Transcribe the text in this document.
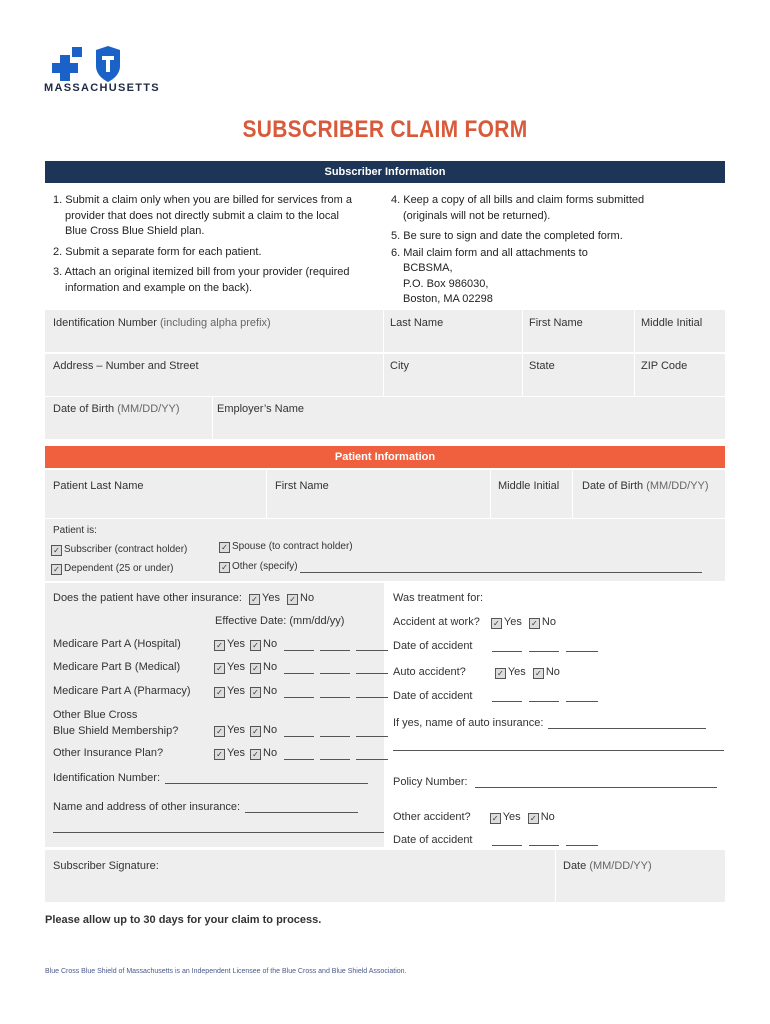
MASSACHUSETTS
SUBSCRIBER CLAIM FORM
Subscriber Information

1. Submit a claim only when you are billed for services from a provider that does not directly submit a claim to the local Blue Cross Blue Shield plan.

2. Submit a separate form for each patient.

3. Attach an original itemized bill from your provider (required information and example on the back).

4. Keep a copy of all bills and claim forms submitted (originals will not be returned).

5. Be sure to sign and date the completed form.

6. Mail claim form and all attachments to

BCBSMA,
P.O. Box 986030,
Boston, MA 02298
Identification Number (including alpha prefix)	Last Name	First Name	Middle Initial
Address – Number and Street	City	State	ZIP Code
Date of Birth (MM/DD/YY)	Employer’s Name
Patient Information
Patient Last Name	First Name	Middle Initial Date of Birth (MM/DD/YY)
Patient is:
✓ Subscriber (contract holder)	✓ Spouse (to contract holder)
✓ Dependent (25 or under)	✓ Other (specify)
Does the patient have other insurance: ✓ Yes ✓ No
Effective Date: (mm/dd/yy)
Medicare Part A (Hospital)	✓ Yes ✓ No
Medicare Part B (Medical)	✓ Yes ✓ No
Medicare Part A (Pharmacy)	✓ Yes ✓ No
Other Blue Cross
Blue Shield Membership?	✓ Yes ✓ No
Other Insurance Plan?	✓ Yes ✓ No
Identification Number:
Name and address of other insurance:
Was treatment for:
Accident at work? ✓ Yes ✓ No
Date of accident
Auto accident?	✓ Yes ✓ No
Date of accident
If yes, name of auto insurance:
Policy Number:
Other accident?	✓ Yes ✓ No
Date of accident
Subscriber Signature:	Date (MM/DD/YY)
Please allow up to 30 days for your claim to process.
Blue Cross Blue Shield of Massachusetts is an Independent Licensee of the Blue Cross and Blue Shield Association.
